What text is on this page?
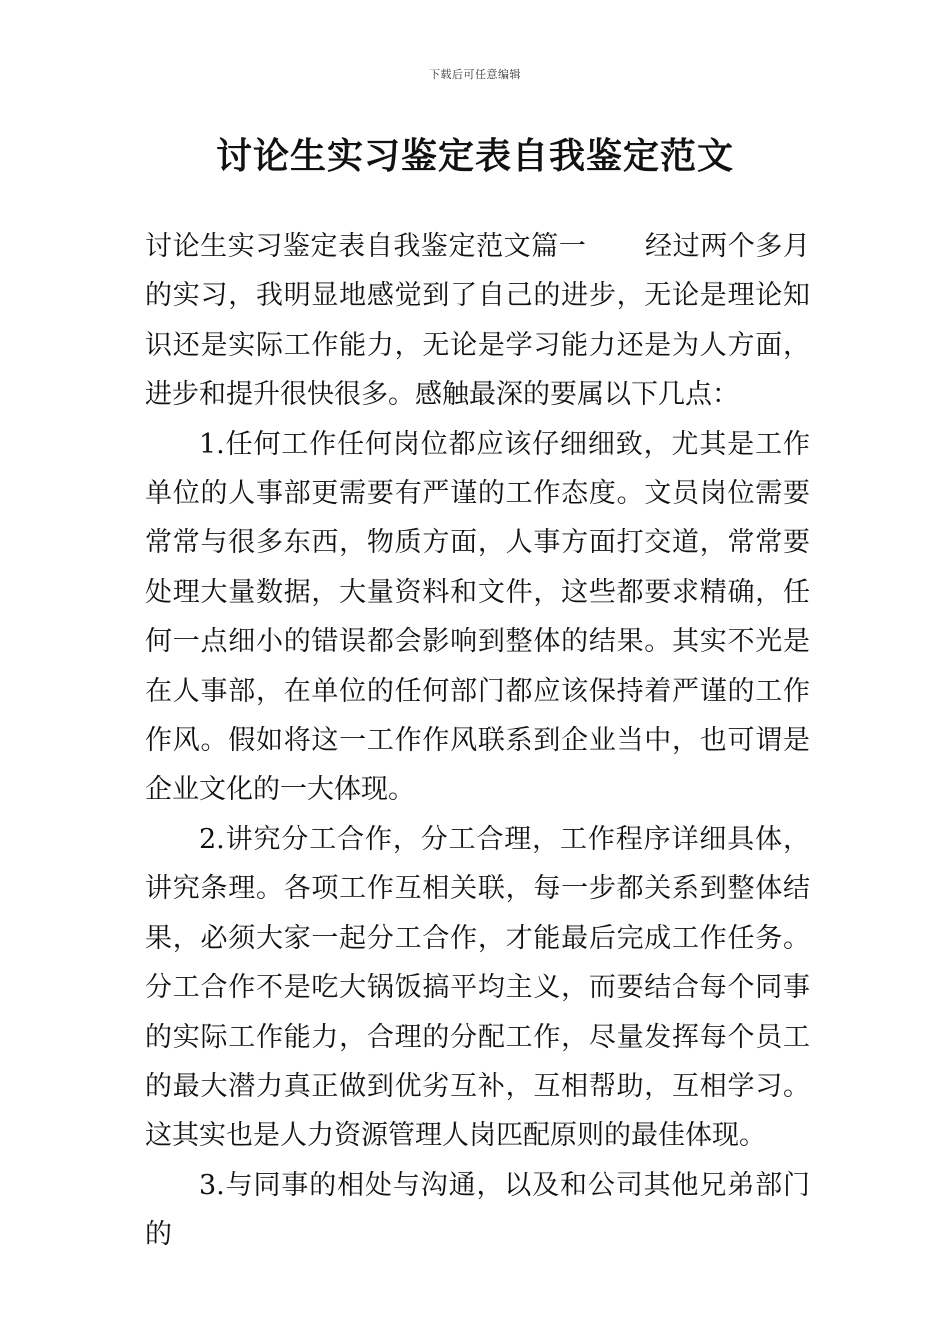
下载后可任意编辑
讨论生实习鉴定表自我鉴定范文

讨论生实习鉴定表自我鉴定范文篇一 经过两个多月的实习，我明显地感觉到了自己的进步，无论是理论知识还是实际工作能力，无论是学习能力还是为人方面，进步和提升很快很多。感触最深的要属以下几点：

1.任何工作任何岗位都应该仔细细致，尤其是工作单位的人事部更需要有严谨的工作态度。文员岗位需要常常与很多东西，物质方面，人事方面打交道，常常要处理大量数据，大量资料和文件，这些都要求精确，任何一点细小的错误都会影响到整体的结果。其实不光是在人事部，在单位的任何部门都应该保持着严谨的工作作风。假如将这一工作作风联系到企业当中，也可谓是企业文化的一大体现。

2.讲究分工合作，分工合理，工作程序详细具体，讲究条理。各项工作互相关联，每一步都关系到整体结果，必须大家一起分工合作，才能最后完成工作任务。分工合作不是吃大锅饭搞平均主义，而要结合每个同事的实际工作能力，合理的分配工作，尽量发挥每个员工的最大潜力真正做到优劣互补，互相帮助，互相学习。这其实也是人力资源管理人岗匹配原则的最佳体现。

3.与同事的相处与沟通，以及和公司其他兄弟部门的
